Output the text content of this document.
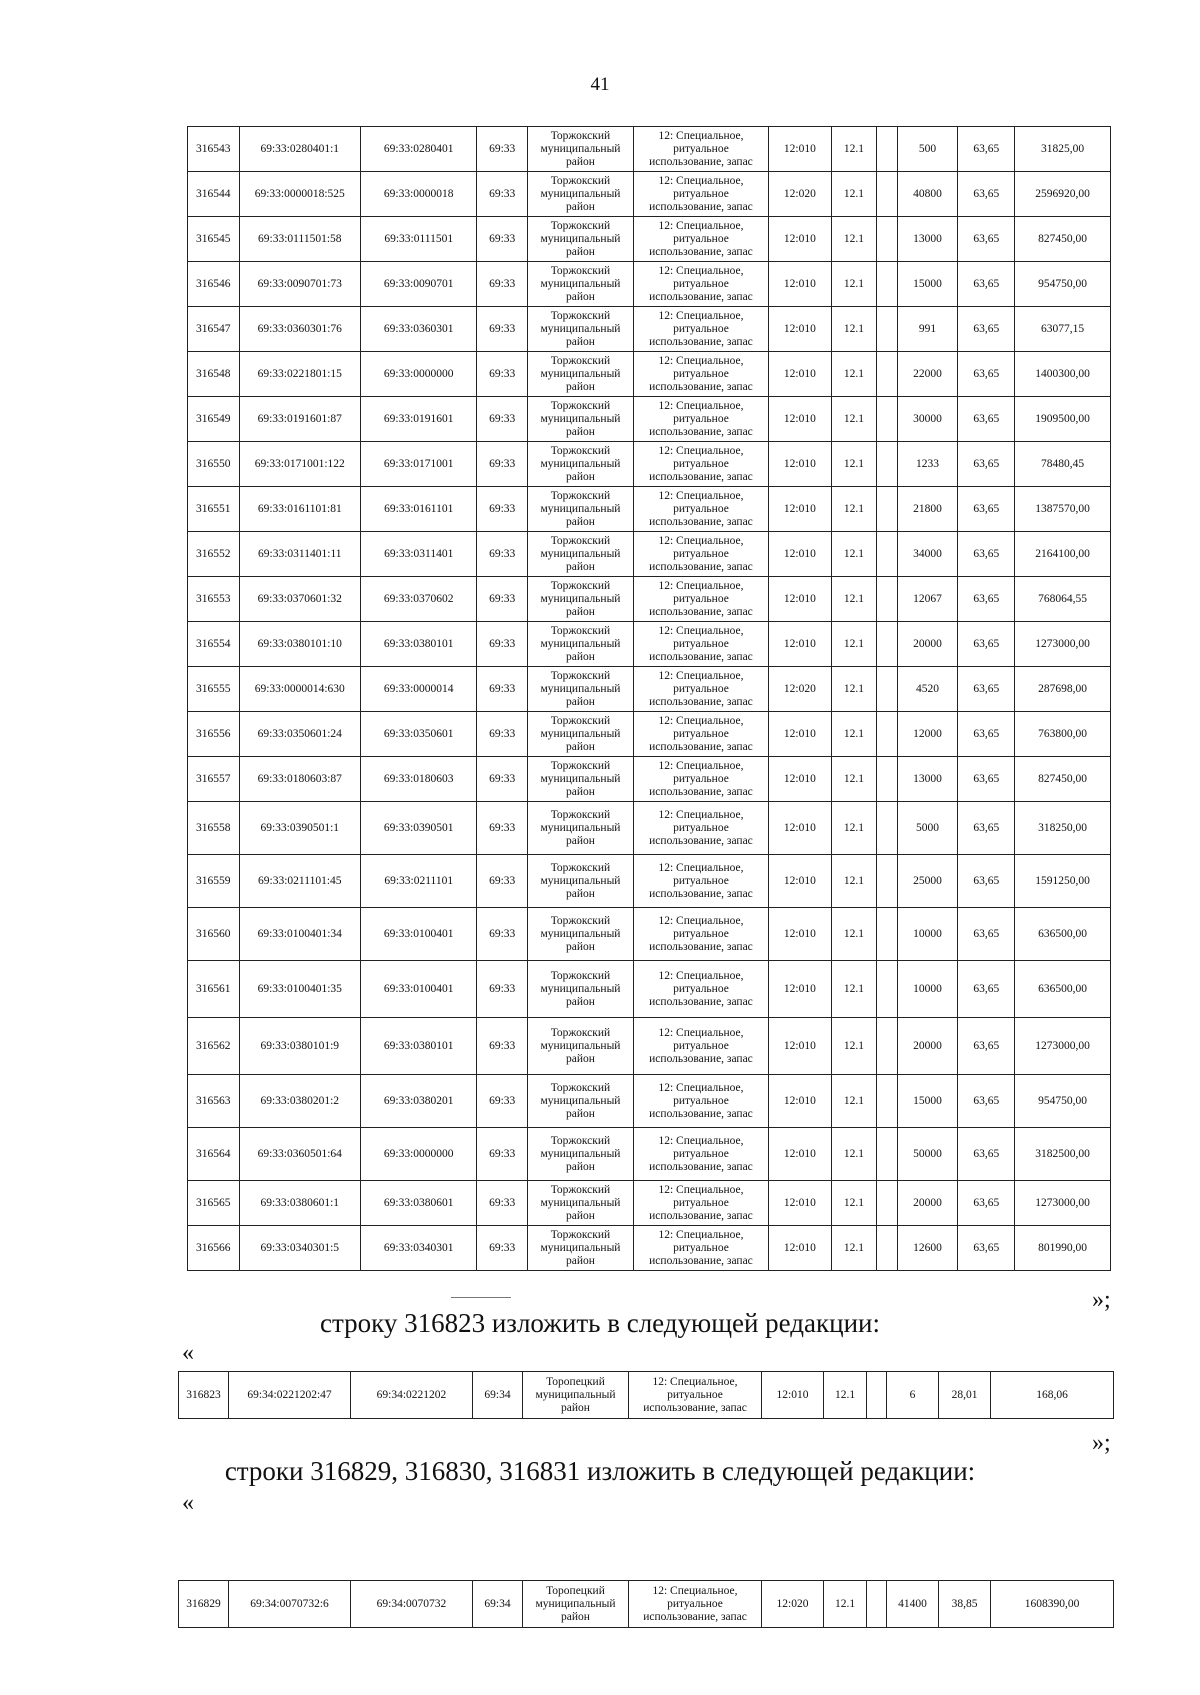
41
316543	69:33:0280401:1	69:33:0280401	69:33	Торжокский муниципальный район	12: Специальное, ритуальное использование, запас	12:010	12.1		500	63,65	31825,00
316544	69:33:0000018:525	69:33:0000018	69:33	Торжокский муниципальный район	12: Специальное, ритуальное использование, запас	12:020	12.1		40800	63,65	2596920,00
316545	69:33:0111501:58	69:33:0111501	69:33	Торжокский муниципальный район	12: Специальное, ритуальное использование, запас	12:010	12.1		13000	63,65	827450,00
316546	69:33:0090701:73	69:33:0090701	69:33	Торжокский муниципальный район	12: Специальное, ритуальное использование, запас	12:010	12.1		15000	63,65	954750,00
316547	69:33:0360301:76	69:33:0360301	69:33	Торжокский муниципальный район	12: Специальное, ритуальное использование, запас	12:010	12.1		991	63,65	63077,15
316548	69:33:0221801:15	69:33:0000000	69:33	Торжокский муниципальный район	12: Специальное, ритуальное использование, запас	12:010	12.1		22000	63,65	1400300,00
316549	69:33:0191601:87	69:33:0191601	69:33	Торжокский муниципальный район	12: Специальное, ритуальное использование, запас	12:010	12.1		30000	63,65	1909500,00
316550	69:33:0171001:122	69:33:0171001	69:33	Торжокский муниципальный район	12: Специальное, ритуальное использование, запас	12:010	12.1		1233	63,65	78480,45
316551	69:33:0161101:81	69:33:0161101	69:33	Торжокский муниципальный район	12: Специальное, ритуальное использование, запас	12:010	12.1		21800	63,65	1387570,00
316552	69:33:0311401:11	69:33:0311401	69:33	Торжокский муниципальный район	12: Специальное, ритуальное использование, запас	12:010	12.1		34000	63,65	2164100,00
316553	69:33:0370601:32	69:33:0370602	69:33	Торжокский муниципальный район	12: Специальное, ритуальное использование, запас	12:010	12.1		12067	63,65	768064,55
316554	69:33:0380101:10	69:33:0380101	69:33	Торжокский муниципальный район	12: Специальное, ритуальное использование, запас	12:010	12.1		20000	63,65	1273000,00
316555	69:33:0000014:630	69:33:0000014	69:33	Торжокский муниципальный район	12: Специальное, ритуальное использование, запас	12:020	12.1		4520	63,65	287698,00
316556	69:33:0350601:24	69:33:0350601	69:33	Торжокский муниципальный район	12: Специальное, ритуальное использование, запас	12:010	12.1		12000	63,65	763800,00
316557	69:33:0180603:87	69:33:0180603	69:33	Торжокский муниципальный район	12: Специальное, ритуальное использование, запас	12:010	12.1		13000	63,65	827450,00
316558	69:33:0390501:1	69:33:0390501	69:33	Торжокский муниципальный район	12: Специальное, ритуальное использование, запас	12:010	12.1		5000	63,65	318250,00
316559	69:33:0211101:45	69:33:0211101	69:33	Торжокский муниципальный район	12: Специальное, ритуальное использование, запас	12:010	12.1		25000	63,65	1591250,00
316560	69:33:0100401:34	69:33:0100401	69:33	Торжокский муниципальный район	12: Специальное, ритуальное использование, запас	12:010	12.1		10000	63,65	636500,00
316561	69:33:0100401:35	69:33:0100401	69:33	Торжокский муниципальный район	12: Специальное, ритуальное использование, запас	12:010	12.1		10000	63,65	636500,00
316562	69:33:0380101:9	69:33:0380101	69:33	Торжокский муниципальный район	12: Специальное, ритуальное использование, запас	12:010	12.1		20000	63,65	1273000,00
316563	69:33:0380201:2	69:33:0380201	69:33	Торжокский муниципальный район	12: Специальное, ритуальное использование, запас	12:010	12.1		15000	63,65	954750,00
316564	69:33:0360501:64	69:33:0000000	69:33	Торжокский муниципальный район	12: Специальное, ритуальное использование, запас	12:010	12.1		50000	63,65	3182500,00
316565	69:33:0380601:1	69:33:0380601	69:33	Торжокский муниципальный район	12: Специальное, ритуальное использование, запас	12:010	12.1		20000	63,65	1273000,00
316566	69:33:0340301:5	69:33:0340301	69:33	Торжокский муниципальный район	12: Специальное, ритуальное использование, запас	12:010	12.1		12600	63,65	801990,00
»;
строку 316823 изложить в следующей редакции:
«
316823	69:34:0221202:47	69:34:0221202	69:34	Торопецкий муниципальный район	12: Специальное, ритуальное использование, запас	12:010	12.1		6	28,01	168,06
»;
строки 316829, 316830, 316831 изложить в следующей редакции:
«
316829	69:34:0070732:6	69:34:0070732	69:34	Торопецкий муниципальный район	12: Специальное, ритуальное использование, запас	12:020	12.1		41400	38,85	1608390,00
